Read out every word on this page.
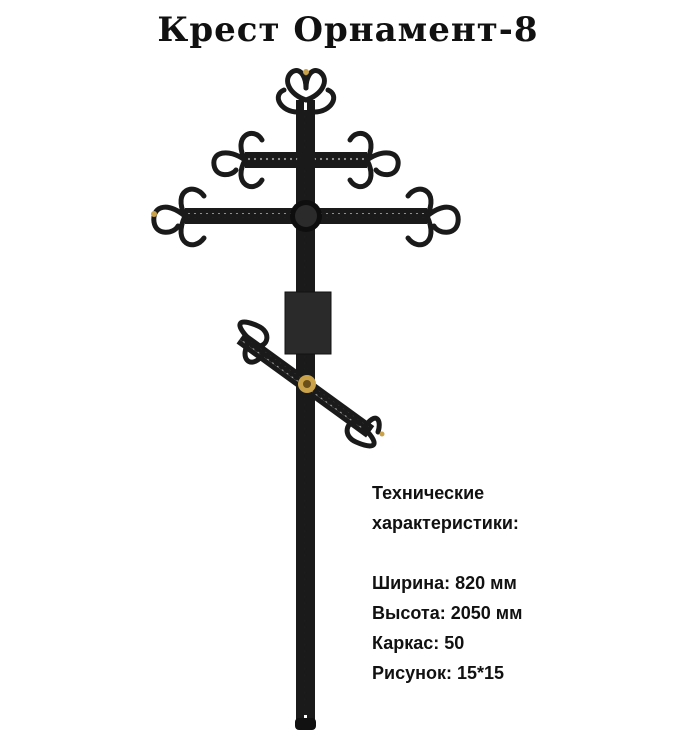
Крест Орнамент-8
Технические
характеристики:
Ширина: 820 мм
Высота: 2050 мм
Каркас: 50
Рисунок: 15*15
